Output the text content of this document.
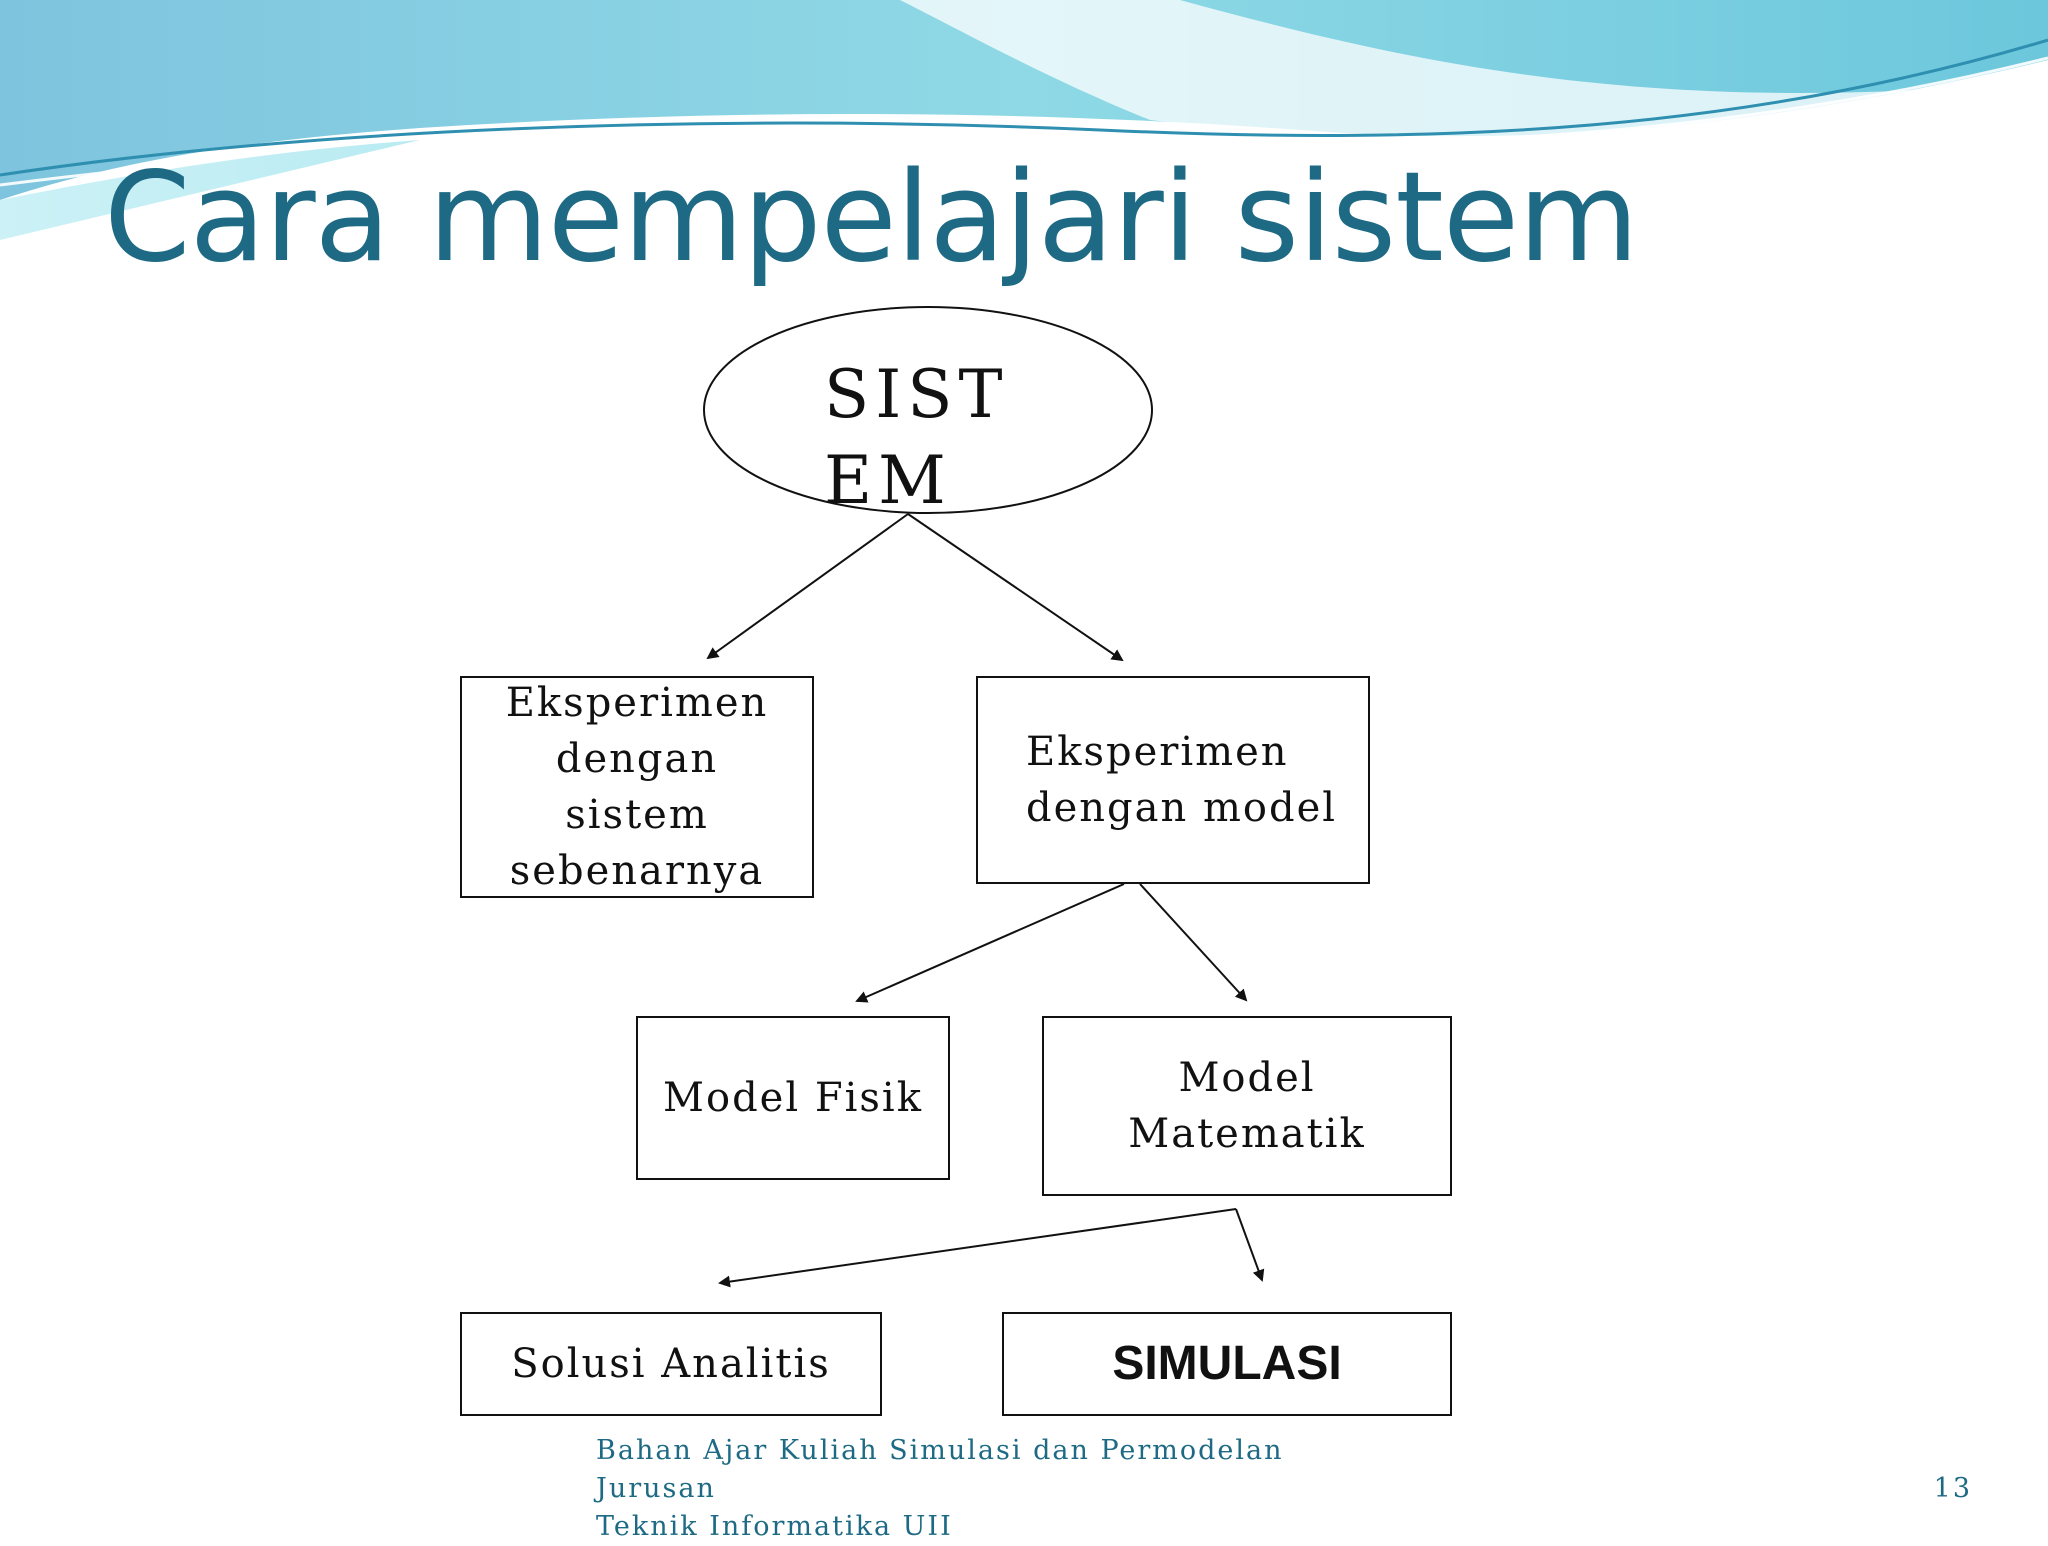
Cara mempelajari sistem
SISTEM
Eksperimen dengan sistem sebenarnya
Eksperimen dengan model
Model Fisik	Model Matematik
Solusi Analitis	SIMULASI
Bahan Ajar Kuliah Simulasi dan Permodelan Jurusan
Teknik Informatika UII
13
